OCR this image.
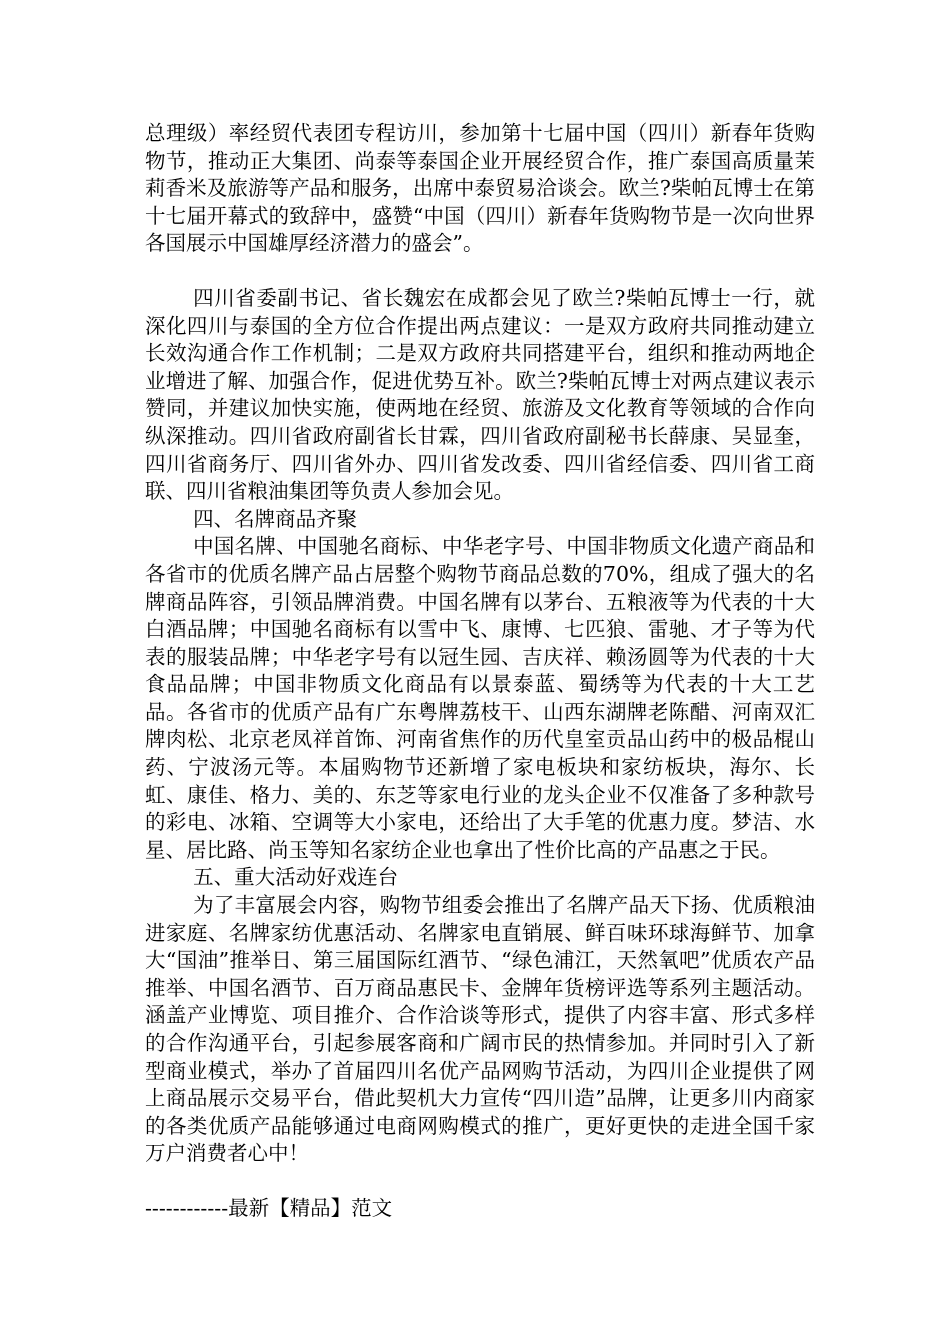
总理级）率经贸代表团专程访川，参加第十七届中国（四川）新春年货购物节，推动正大集团、尚泰等泰国企业开展经贸合作，推广泰国高质量茉莉香米及旅游等产品和服务，出席中泰贸易洽谈会。欧兰?柴帕瓦博士在第十七届开幕式的致辞中，盛赞“中国（四川）新春年货购物节是一次向世界各国展示中国雄厚经济潜力的盛会”。

四川省委副书记、省长魏宏在成都会见了欧兰?柴帕瓦博士一行，就深化四川与泰国的全方位合作提出两点建议：一是双方政府共同推动建立长效沟通合作工作机制；二是双方政府共同搭建平台，组织和推动两地企业增进了解、加强合作，促进优势互补。欧兰?柴帕瓦博士对两点建议表示赞同，并建议加快实施，使两地在经贸、旅游及文化教育等领域的合作向纵深推动。四川省政府副省长甘霖，四川省政府副秘书长薛康、吴显奎，四川省商务厅、四川省外办、四川省发改委、四川省经信委、四川省工商联、四川省粮油集团等负责人参加会见。

四、名牌商品齐聚

中国名牌、中国驰名商标、中华老字号、中国非物质文化遗产商品和各省市的优质名牌产品占居整个购物节商品总数的70%，组成了强大的名牌商品阵容，引领品牌消费。中国名牌有以茅台、五粮液等为代表的十大白酒品牌；中国驰名商标有以雪中飞、康博、七匹狼、雷驰、才子等为代表的服装品牌；中华老字号有以冠生园、吉庆祥、赖汤圆等为代表的十大食品品牌；中国非物质文化商品有以景泰蓝、蜀绣等为代表的十大工艺品。各省市的优质产品有广东粤牌荔枝干、山西东湖牌老陈醋、河南双汇牌肉松、北京老凤祥首饰、河南省焦作的历代皇室贡品山药中的极品棍山药、宁波汤元等。本届购物节还新增了家电板块和家纺板块，海尔、长虹、康佳、格力、美的、东芝等家电行业的龙头企业不仅准备了多种款号的彩电、冰箱、空调等大小家电，还给出了大手笔的优惠力度。梦洁、水星、居比路、尚玉等知名家纺企业也拿出了性价比高的产品惠之于民。

五、重大活动好戏连台

为了丰富展会内容，购物节组委会推出了名牌产品天下扬、优质粮油进家庭、名牌家纺优惠活动、名牌家电直销展、鲜百味环球海鲜节、加拿大“国油”推举日、第三届国际红酒节、“绿色浦江，天然氧吧”优质农产品推举、中国名酒节、百万商品惠民卡、金牌年货榜评选等系列主题活动。涵盖产业博览、项目推介、合作洽谈等形式，提供了内容丰富、形式多样的合作沟通平台，引起参展客商和广阔市民的热情参加。并同时引入了新型商业模式，举办了首届四川名优产品网购节活动，为四川企业提供了网上商品展示交易平台，借此契机大力宣传“四川造”品牌，让更多川内商家的各类优质产品能够通过电商网购模式的推广，更好更快的走进全国千家万户消费者心中！

------------最新【精品】范文
